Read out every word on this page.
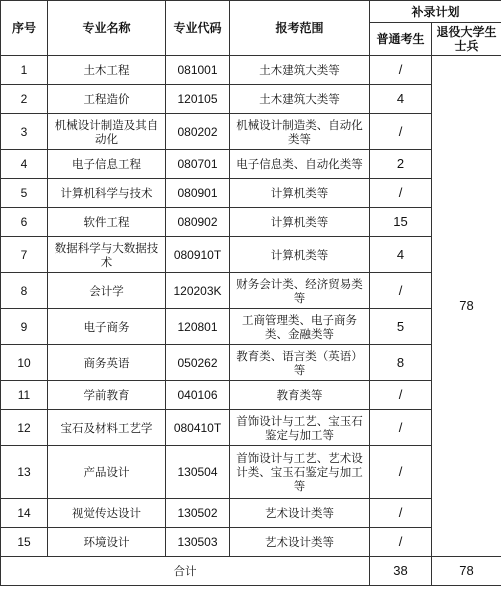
序号	专业名称	专业代码	报考范围	补录计划	
				普通考生	退役大学生士兵
1	土木工程	081001	土木建筑大类等	/	78
2	工程造价	120105	土木建筑大类等	4	
3	机械设计制造及其自动化	080202	机械设计制造类、自动化类等	/	
4	电子信息工程	080701	电子信息类、自动化类等	2	
5	计算机科学与技术	080901	计算机类等	/	
6	软件工程	080902	计算机类等	15	
7	数据科学与大数据技术	080910T	计算机类等	4	
8	会计学	120203K	财务会计类、经济贸易类等	/	
9	电子商务	120801	工商管理类、电子商务类、金融类等	5	
10	商务英语	050262	教育类、语言类（英语）等	8	
11	学前教育	040106	教育类等	/	
12	宝石及材料工艺学	080410T	首饰设计与工艺、宝玉石鉴定与加工等	/	
13	产品设计	130504	首饰设计与工艺、艺术设计类、宝玉石鉴定与加工等	/	
14	视觉传达设计	130502	艺术设计类等	/	
15	环境设计	130503	艺术设计类等	/	
合计				38	78
